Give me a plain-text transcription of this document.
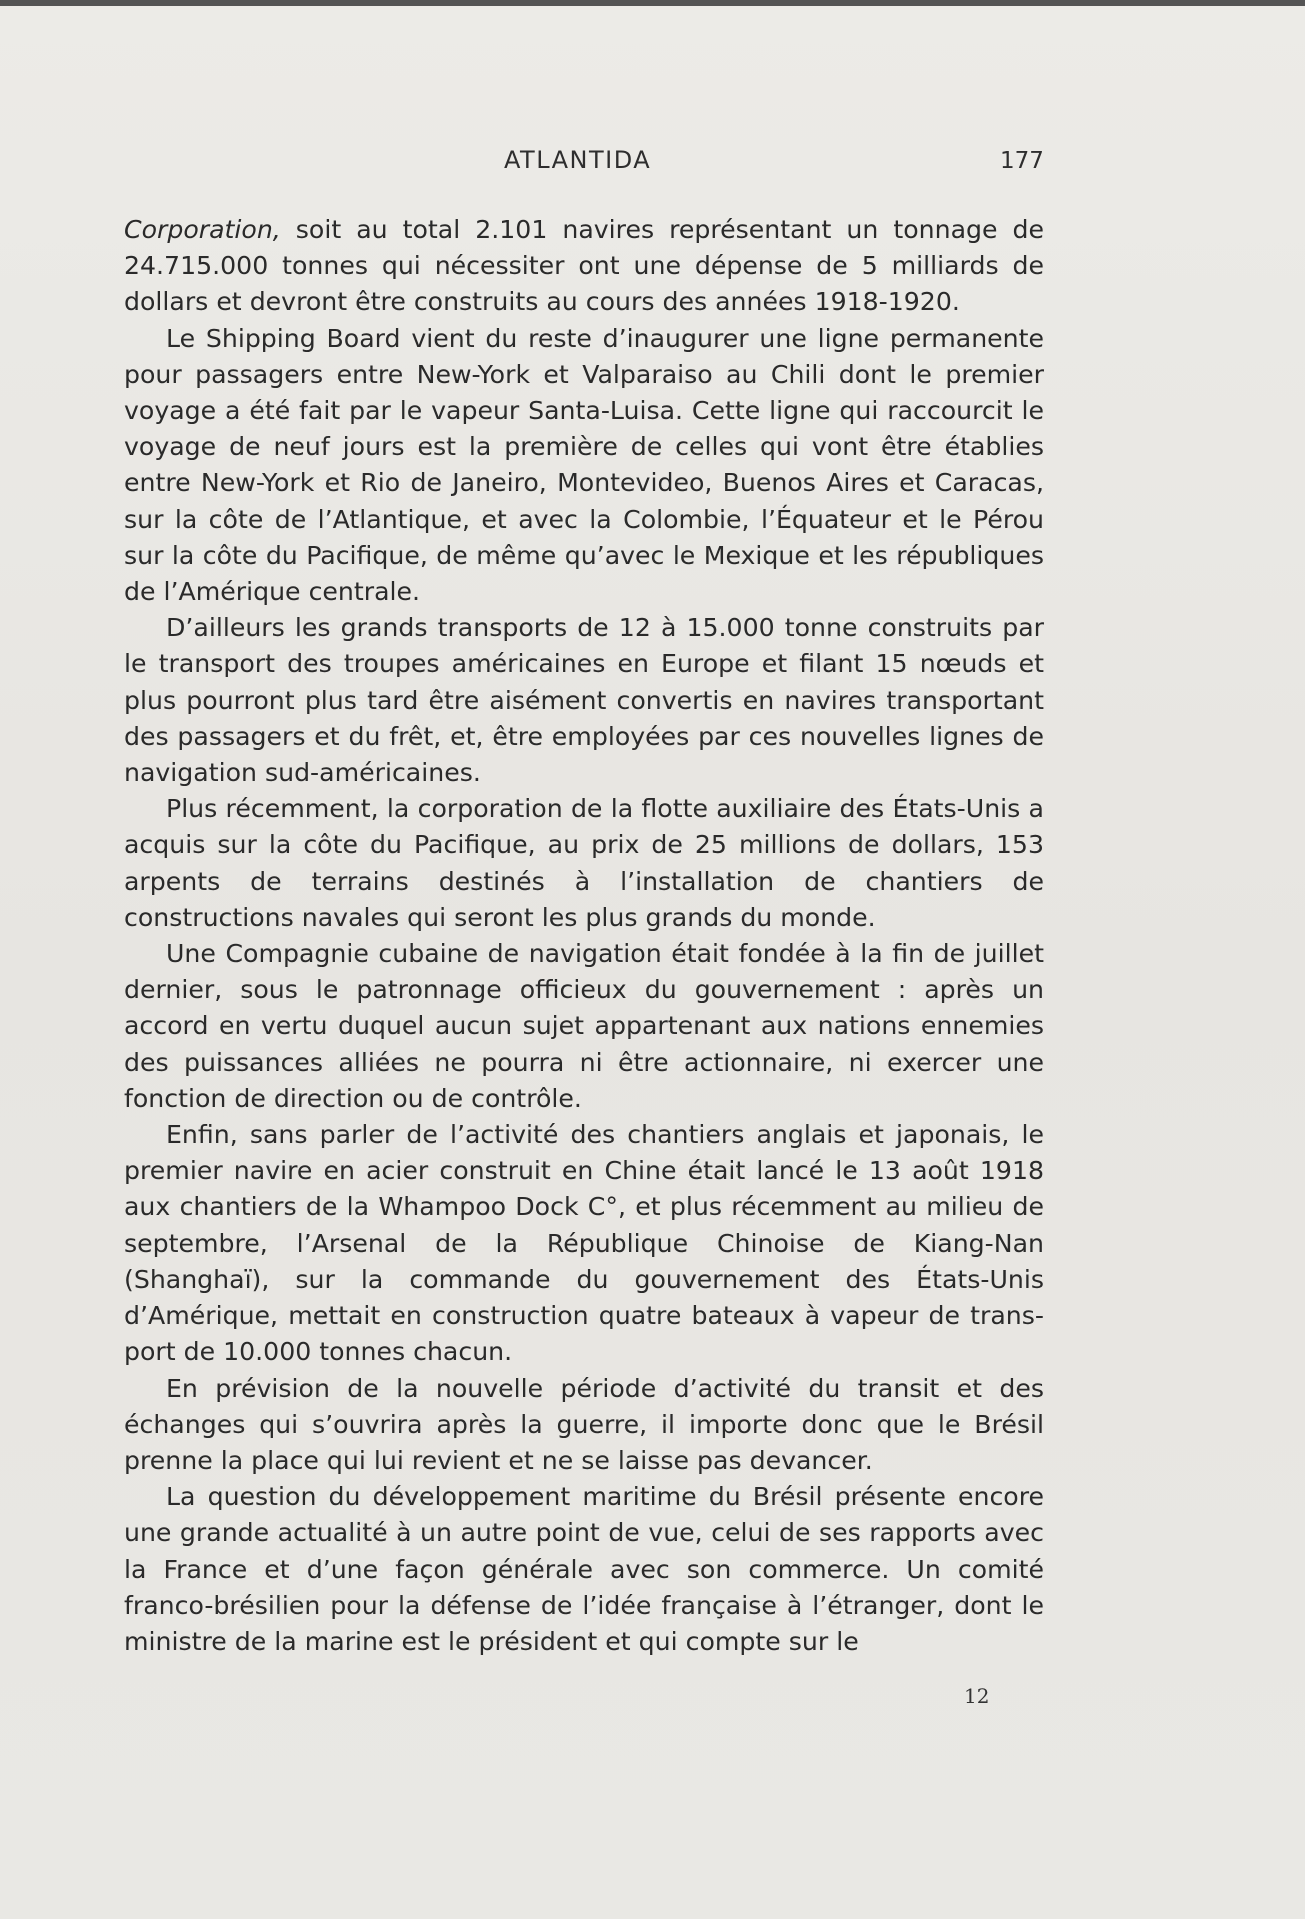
ATLANTIDA	177

Corporation, soit au total 2.101 navires représentant un tonnage de 24.715.000 tonnes qui nécessiter ont une dépense de 5 milliards de dollars et devront être construits au cours des années 1918-1920.

Le Shipping Board vient du reste d’inaugurer une ligne permanente pour passagers entre New-York et Valparaiso au Chili dont le premier voyage a été fait par le vapeur Santa-Luisa. Cette ligne qui raccourcit le voyage de neuf jours est la première de celles qui vont être établies entre New-York et Rio de Janeiro, Montevideo, Buenos Aires et Caracas, sur la côte de l’Atlantique, et avec la Colombie, l’Équateur et le Pérou sur la côte du Pacifique, de même qu’avec le Mexique et les républiques de l’Amérique centrale.

D’ailleurs les grands transports de 12 à 15.000 tonne construits par le transport des troupes américaines en Europe et filant 15 nœuds et plus pourront plus tard être aisément convertis en navires transportant des passagers et du frêt, et, être employées par ces nouvelles lignes de navigation sud-américaines.

Plus récemment, la corporation de la flotte auxiliaire des États-Unis a acquis sur la côte du Pacifique, au prix de 25 millions de dollars, 153 arpents de terrains destinés à l’installation de chantiers de constructions navales qui seront les plus grands du monde.

Une Compagnie cubaine de navigation était fondée à la fin de juillet dernier, sous le patronnage officieux du gouvernement : après un accord en vertu duquel aucun sujet appartenant aux nations ennemies des puissances alliées ne pourra ni être actionnaire, ni exercer une fonction de direction ou de contrôle.

Enfin, sans parler de l’activité des chantiers anglais et japonais, le premier navire en acier construit en Chine était lancé le 13 août 1918 aux chantiers de la Whampoo Dock C°, et plus récemment au milieu de septembre, l’Arsenal de la République Chinoise de Kiang-Nan (Shanghaï), sur la commande du gouvernement des États-Unis d’Amérique, mettait en construction quatre bateaux à vapeur de transport de 10.000 tonnes chacun.

En prévision de la nouvelle période d’activité du transit et des échanges qui s’ouvrira après la guerre, il importe donc que le Brésil prenne la place qui lui revient et ne se laisse pas devancer.

La question du développement maritime du Brésil présente encore une grande actualité à un autre point de vue, celui de ses rapports avec la France et d’une façon générale avec son commerce. Un comité franco-brésilien pour la défense de l’idée française à l’étranger, dont le ministre de la marine est le président et qui compte sur le

12
